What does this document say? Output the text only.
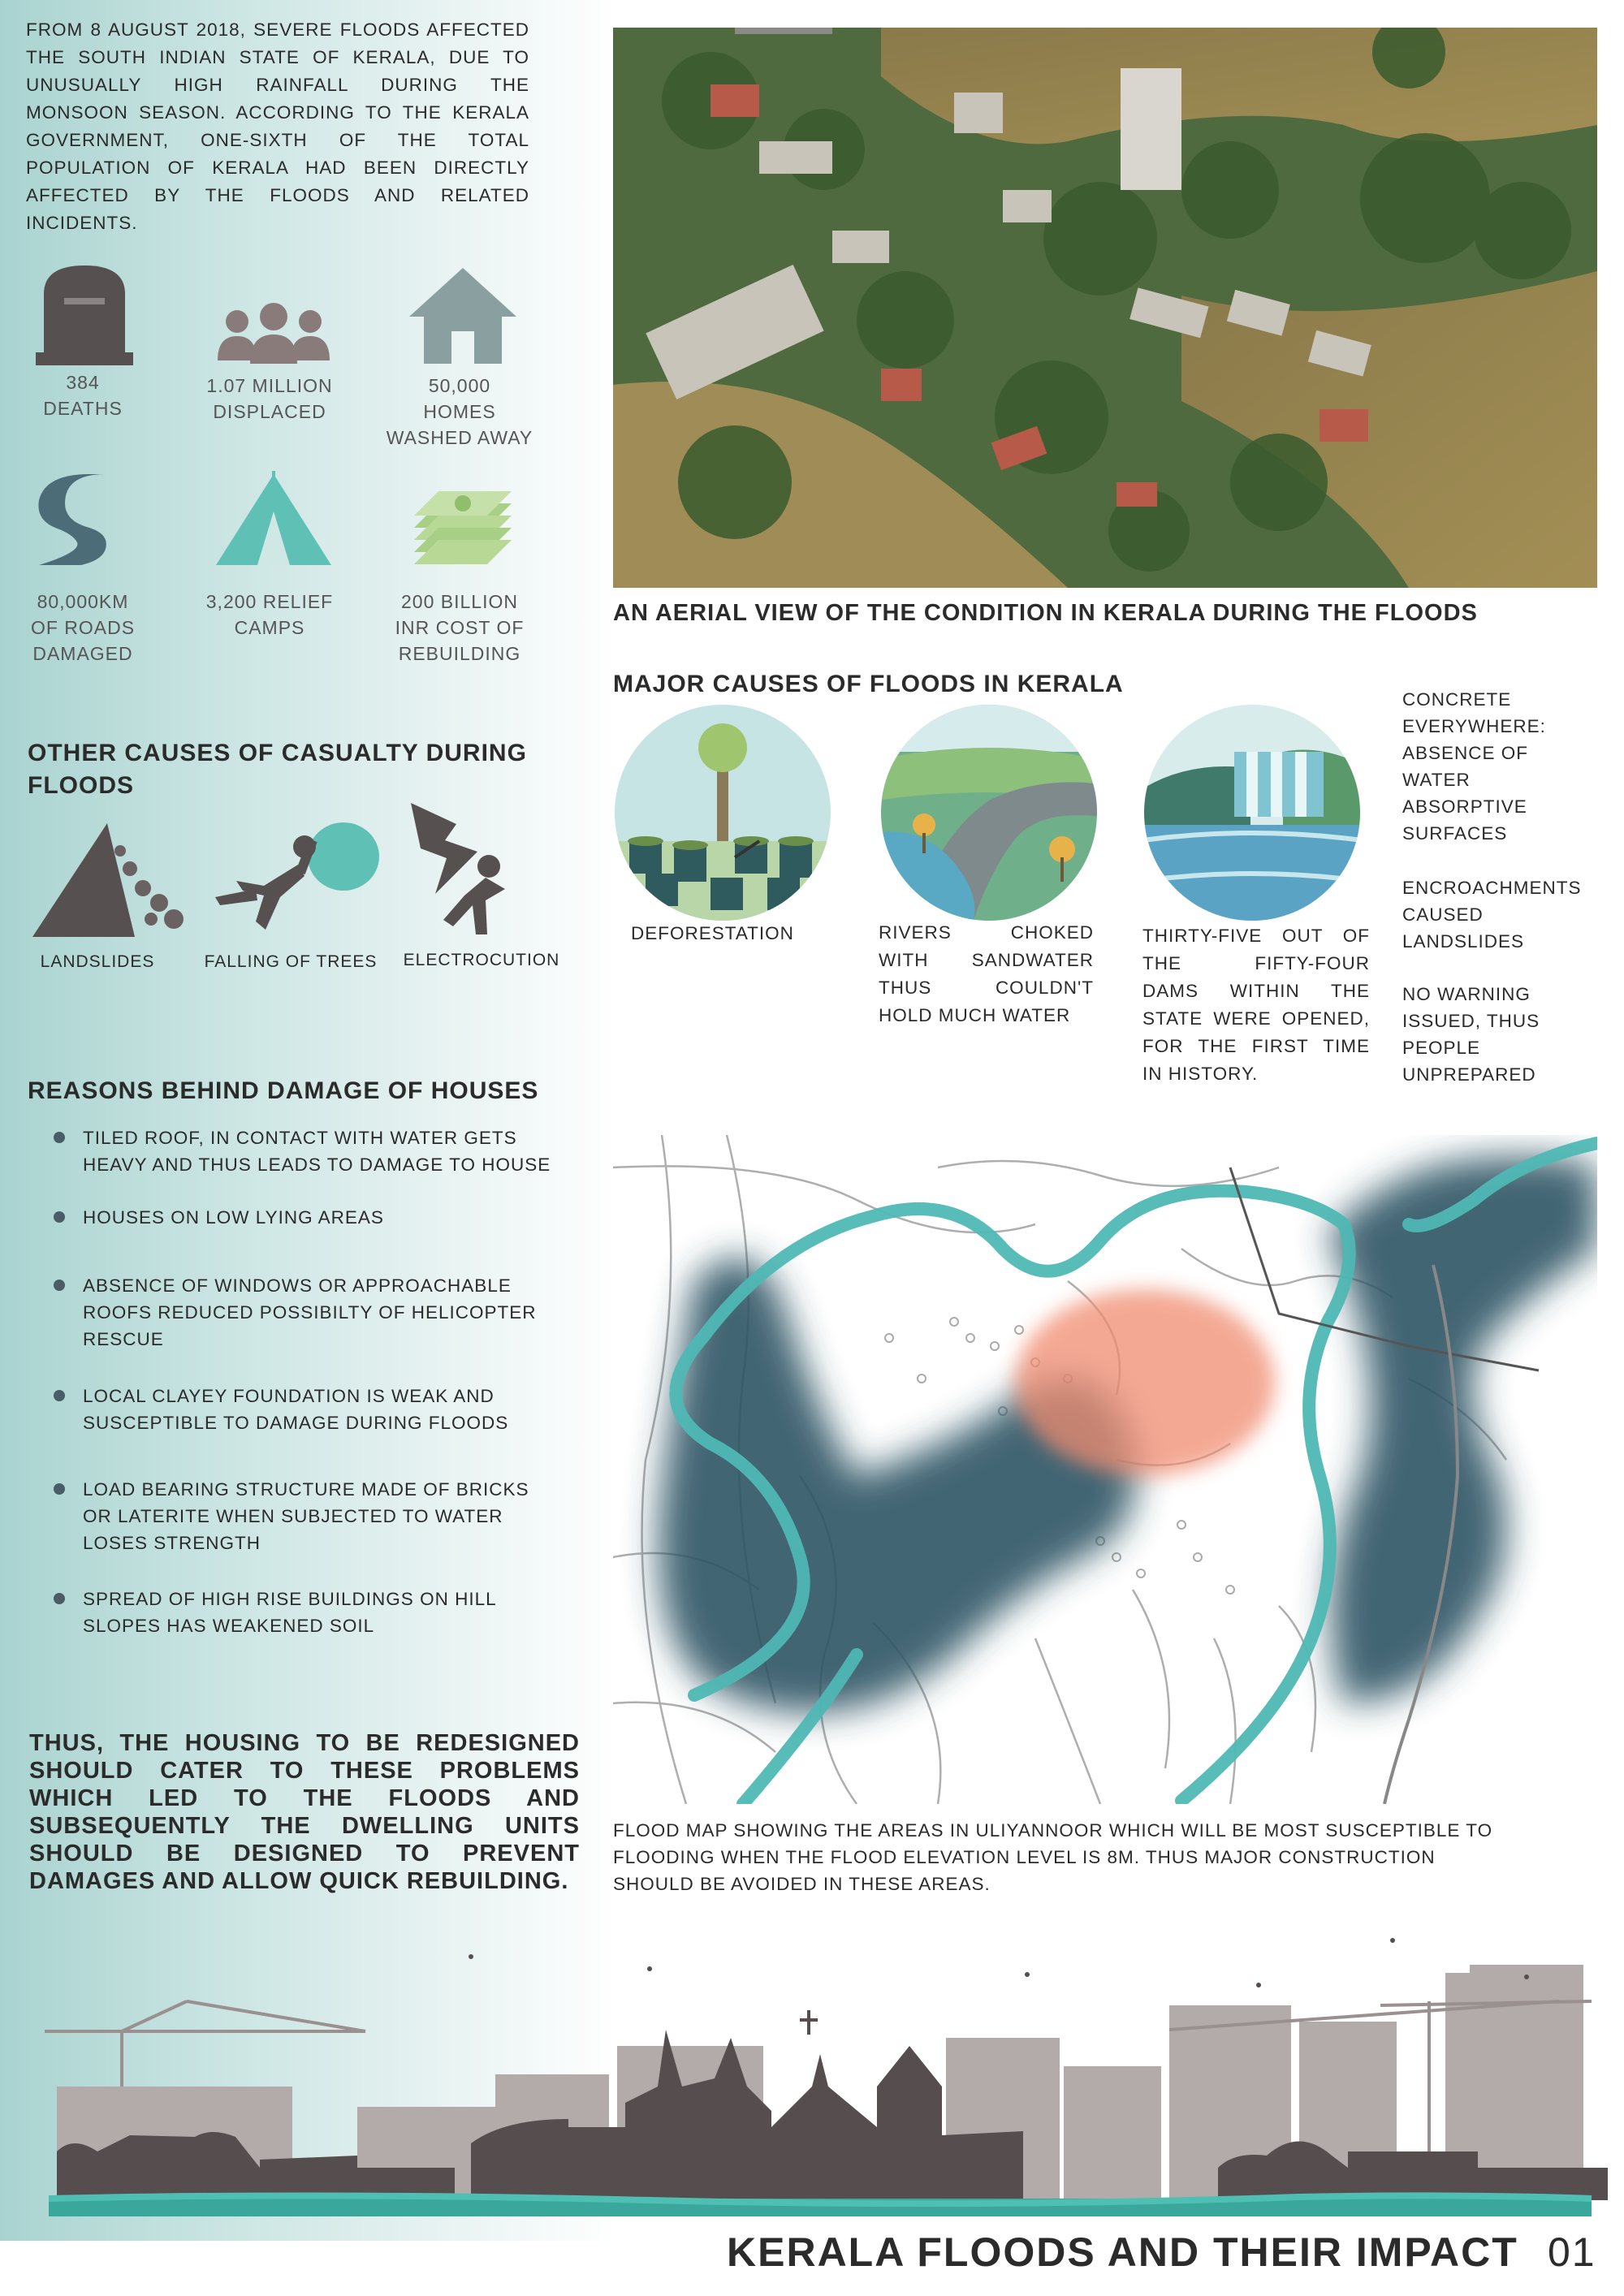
FROM 8 AUGUST 2018, SEVERE FLOODS AFFECTED THE SOUTH INDIAN STATE OF KERALA, DUE TO UNUSUALLY HIGH RAINFALL DURING THE MONSOON SEASON. ACCORDING TO THE KERALA GOVERNMENT, ONE-SIXTH OF THE TOTAL POPULATION OF KERALA HAD BEEN DIRECTLY AFFECTED BY THE FLOODS AND RELATED INCIDENTS.
384
DEATHS
1.07 MILLION
DISPLACED
50,000
HOMES
WASHED AWAY
80,000KM
OF ROADS
DAMAGED
3,200 RELIEF
CAMPS
200 BILLION
INR COST OF
REBUILDING
OTHER CAUSES OF CASUALTY DURING
FLOODS
LANDSLIDES	FALLING OF TREES	ELECTROCUTION
REASONS BEHIND DAMAGE OF HOUSES
TILED ROOF, IN CONTACT WITH WATER GETS
HEAVY AND THUS LEADS TO DAMAGE TO HOUSE
HOUSES ON LOW LYING AREAS
ABSENCE OF WINDOWS OR APPROACHABLE
ROOFS REDUCED POSSIBILTY OF HELICOPTER
RESCUE
LOCAL CLAYEY FOUNDATION IS WEAK AND
SUSCEPTIBLE TO DAMAGE DURING FLOODS
LOAD BEARING STRUCTURE MADE OF BRICKS
OR LATERITE WHEN SUBJECTED TO WATER
LOSES STRENGTH
SPREAD OF HIGH RISE BUILDINGS ON HILL
SLOPES HAS WEAKENED SOIL
THUS, THE HOUSING TO BE REDESIGNED SHOULD CATER TO THESE PROBLEMS WHICH LED TO THE FLOODS AND SUBSEQUENTLY THE DWELLING UNITS SHOULD BE DESIGNED TO PREVENT DAMAGES AND ALLOW QUICK REBUILDING.
AN AERIAL VIEW OF THE CONDITION IN KERALA DURING THE FLOODS
MAJOR CAUSES OF FLOODS IN KERALA
DEFORESTATION	RIVERS CHOKED
WITH SANDWATER
THUS COULDN'T
HOLD MUCH WATER
THIRTY-FIVE OUT OF
THE FIFTY-FOUR
DAMS WITHIN THE
STATE WERE OPENED,
FOR THE FIRST TIME
IN HISTORY.
CONCRETE
EVERYWHERE:
ABSENCE OF
WATER
ABSORPTIVE
SURFACES
ENCROACHMENTS
CAUSED
LANDSLIDES
NO WARNING
ISSUED, THUS
PEOPLE
UNPREPARED
FLOOD MAP SHOWING THE AREAS IN ULIYANNOOR WHICH WILL BE MOST SUSCEPTIBLE TO
FLOODING WHEN THE FLOOD ELEVATION LEVEL IS 8M. THUS MAJOR CONSTRUCTION
SHOULD BE AVOIDED IN THESE AREAS.
KERALA FLOODS AND THEIR IMPACT 01
